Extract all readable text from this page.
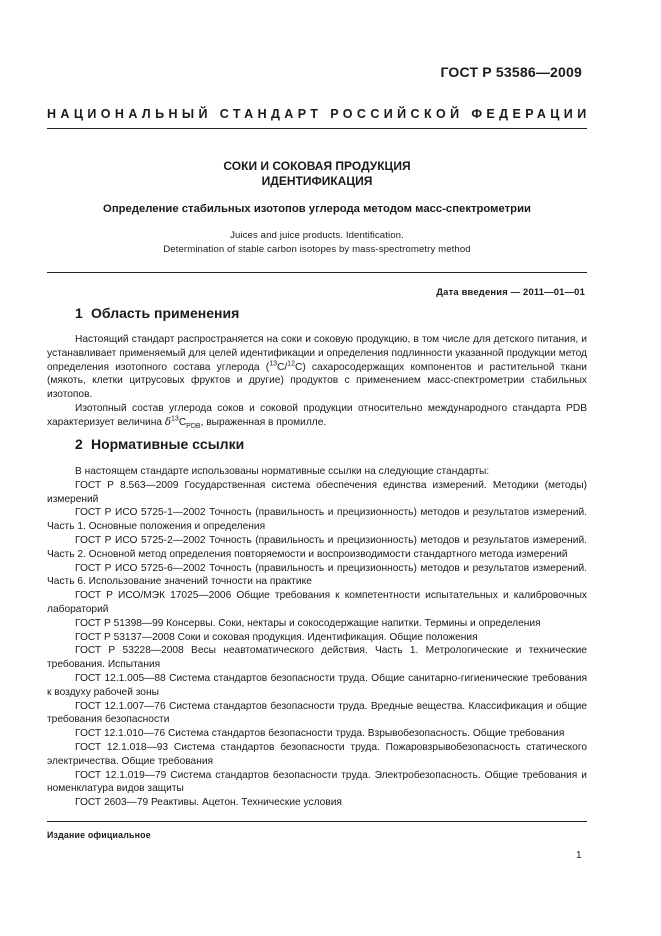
ГОСТ Р 53586—2009
НАЦИОНАЛЬНЫЙ СТАНДАРТ РОССИЙСКОЙ ФЕДЕРАЦИИ
СОКИ И СОКОВАЯ ПРОДУКЦИЯ
ИДЕНТИФИКАЦИЯ
Определение стабильных изотопов углерода методом масс-спектрометрии
Juices and juice products. Identification.
Determination of stable carbon isotopes by mass-spectrometry method
Дата введения — 2011—01—01
1 Область применения

Настоящий стандарт распространяется на соки и соковую продукцию, в том числе для детского питания, и устанавливает применяемый для целей идентификации и определения подлинности указанной продукции метод определения изотопного состава углерода ($^{13}$С/$^{12}$С) сахаросодержащих компонентов и растительной ткани (мякоть, клетки цитрусовых фруктов и другие) продуктов с применением масс-спектрометрии стабильных изотопов.

Изотопный состав углерода соков и соковой продукции относительно международного стандарта PDB характеризует величина $\delta^{13}C_{PDB}$, выраженная в промилле.

2 Нормативные ссылки

В настоящем стандарте использованы нормативные ссылки на следующие стандарты:

ГОСТ Р 8.563—2009 Государственная система обеспечения единства измерений. Методики (методы) измерений

ГОСТ Р ИСО 5725-1—2002 Точность (правильность и прецизионность) методов и результатов измерений. Часть 1. Основные положения и определения

ГОСТ Р ИСО 5725-2—2002 Точность (правильность и прецизионность) методов и результатов измерений. Часть 2. Основной метод определения повторяемости и воспроизводимости стандартного метода измерений

ГОСТ Р ИСО 5725-6—2002 Точность (правильность и прецизионность) методов и результатов измерений. Часть 6. Использование значений точности на практике

ГОСТ Р ИСО/МЭК 17025—2006 Общие требования к компетентности испытательных и калибровочных лабораторий

ГОСТ Р 51398—99 Консервы. Соки, нектары и сокосодержащие напитки. Термины и определения

ГОСТ Р 53137—2008 Соки и соковая продукция. Идентификация. Общие положения

ГОСТ Р 53228—2008 Весы неавтоматического действия. Часть 1. Метрологические и технические требования. Испытания

ГОСТ 12.1.005—88 Система стандартов безопасности труда. Общие санитарно-гигиенические требования к воздуху рабочей зоны

ГОСТ 12.1.007—76 Система стандартов безопасности труда. Вредные вещества. Классификация и общие требования безопасности

ГОСТ 12.1.010—76 Система стандартов безопасности труда. Взрывобезопасность. Общие требования

ГОСТ 12.1.018—93 Система стандартов безопасности труда. Пожаровзрывобезопасность статического электричества. Общие требования

ГОСТ 12.1.019—79 Система стандартов безопасности труда. Электробезопасность. Общие требования и номенклатура видов защиты

ГОСТ 2603—79 Реактивы. Ацетон. Технические условия

Издание официальное
1
